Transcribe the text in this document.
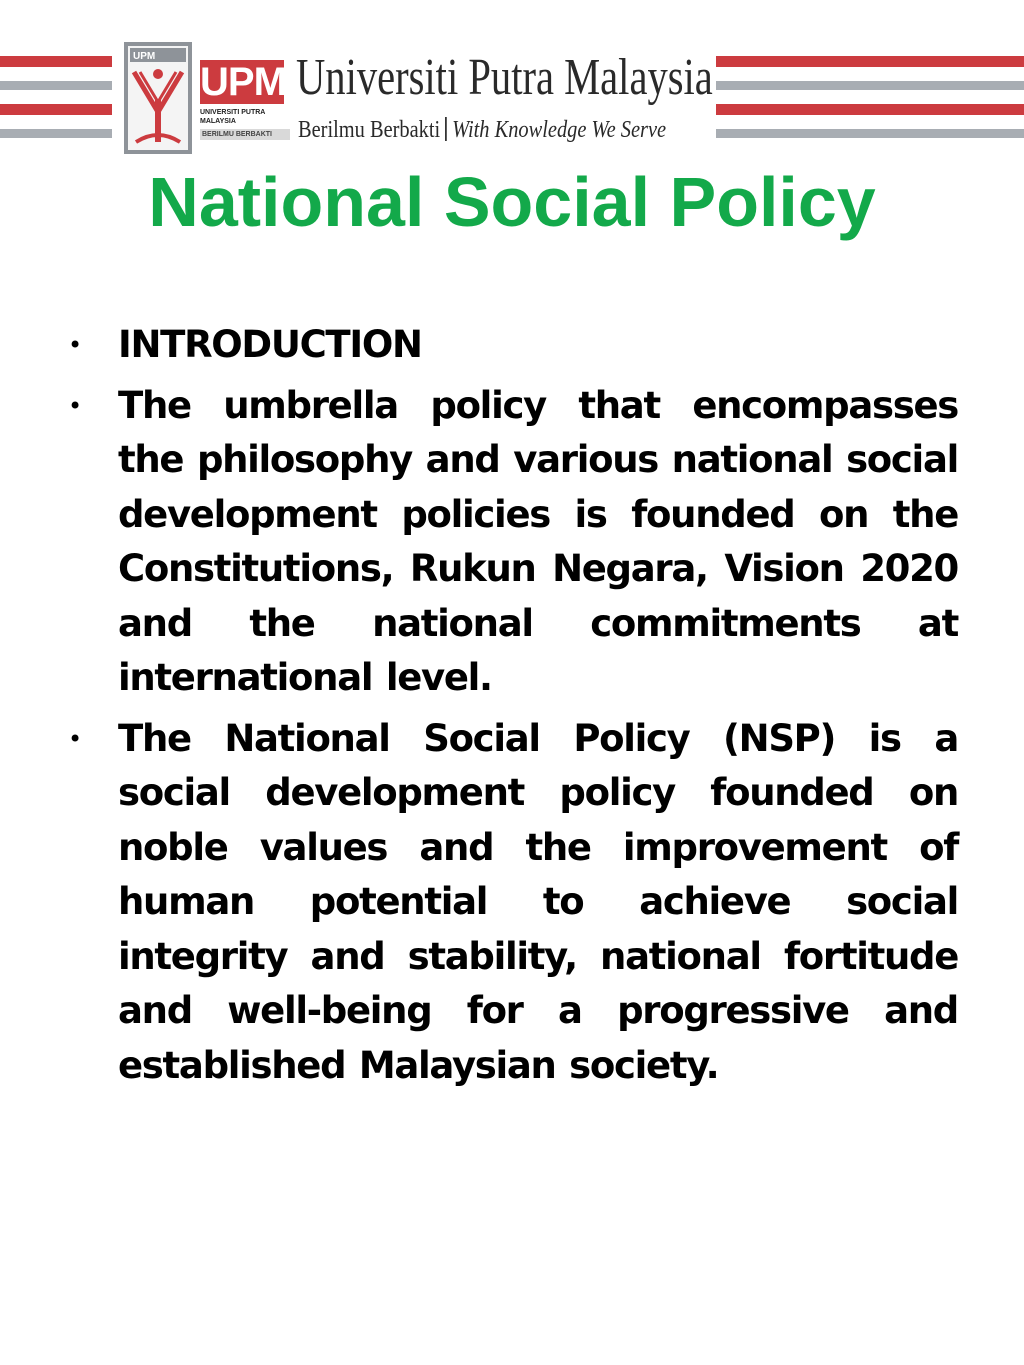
UPM
UPM
UNIVERSITI PUTRA MALAYSIA
BERILMU BERBAKTI
Universiti Putra Malaysia
Berilmu Berbakti With Knowledge We Serve
National Social Policy
• INTRODUCTION
• The umbrella policy that encompasses the philosophy and various national social development policies is founded on the Constitutions, Rukun Negara, Vision 2020 and the national commitments at international level.
• The National Social Policy (NSP) is a social development policy founded on noble values and the improvement of human potential to achieve social integrity and stability, national fortitude and well-being for a progressive and established Malaysian society.
